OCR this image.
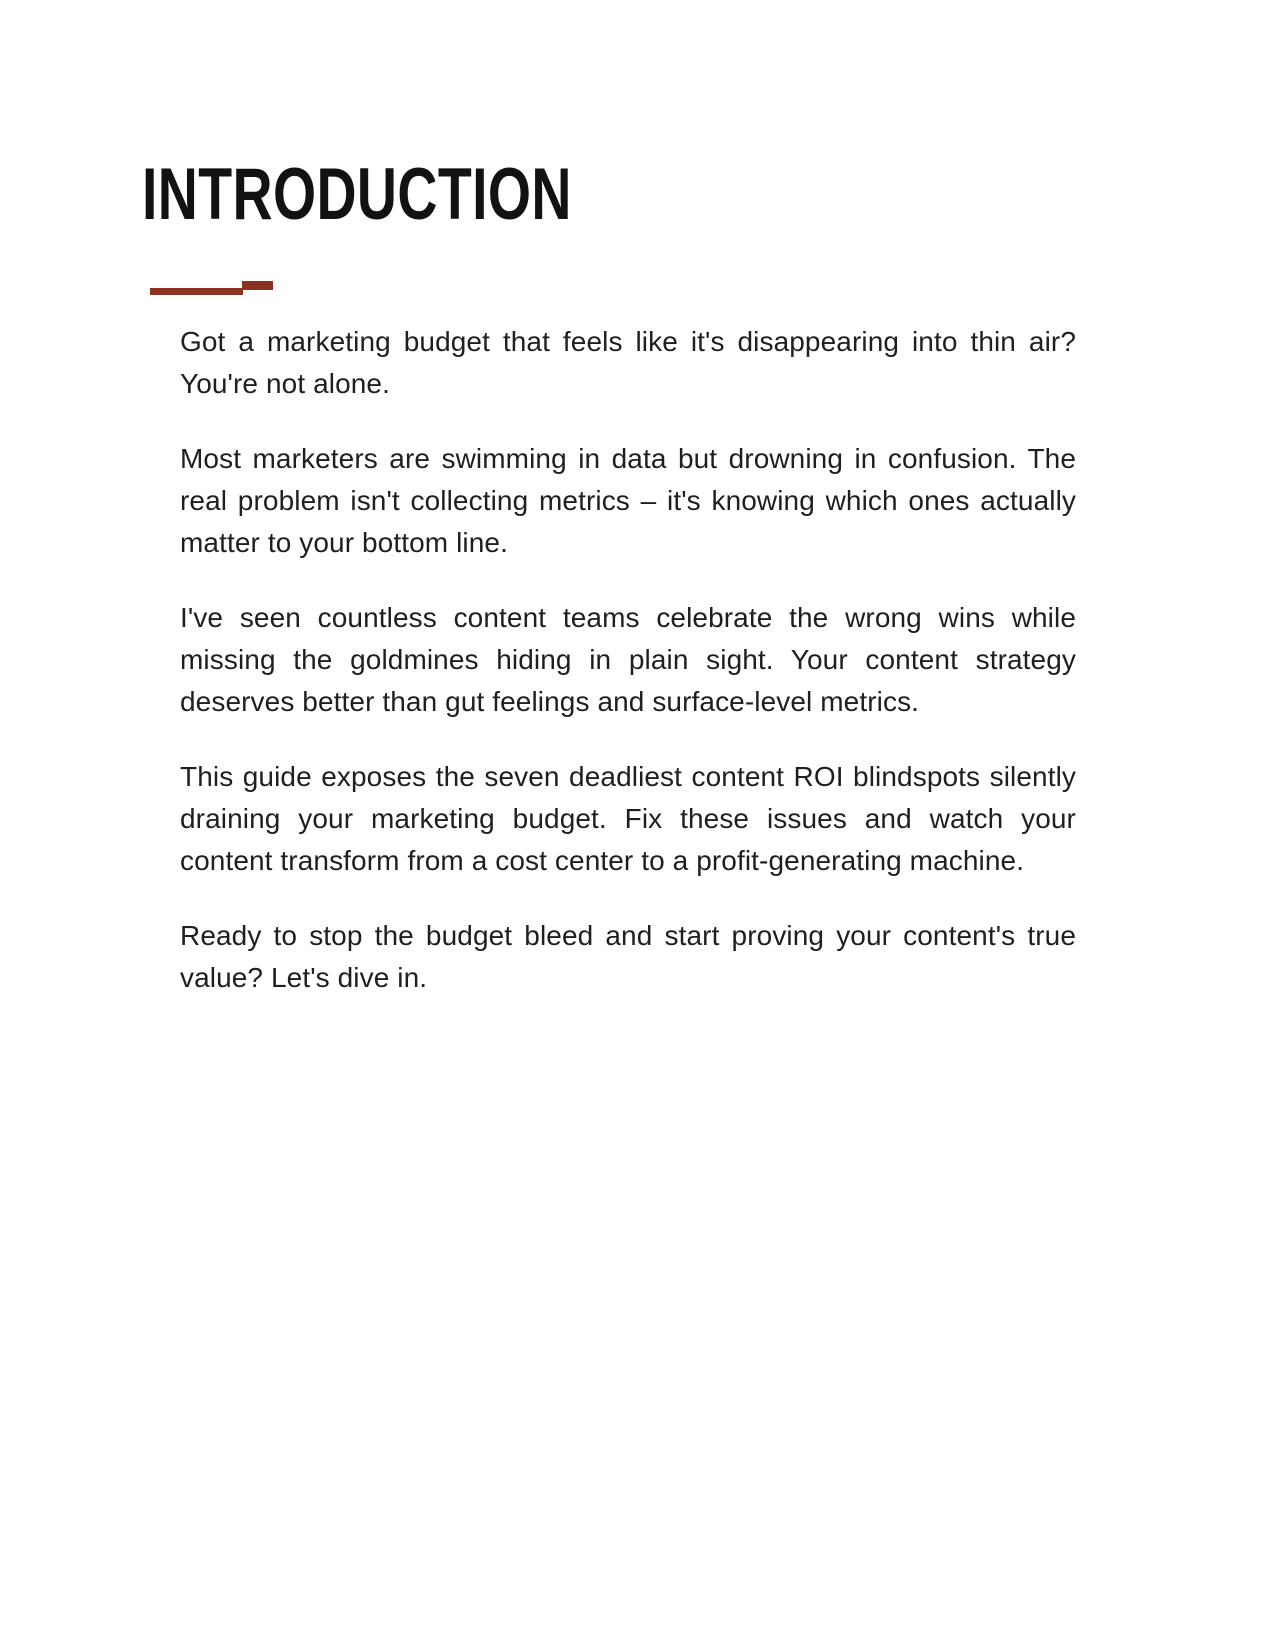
INTRODUCTION

Got a marketing budget that feels like it's disappearing into thin air? You're not alone.

Most marketers are swimming in data but drowning in confusion. The real problem isn't collecting metrics – it's knowing which ones actually matter to your bottom line.

I've seen countless content teams celebrate the wrong wins while missing the goldmines hiding in plain sight. Your content strategy deserves better than gut feelings and surface-level metrics.

This guide exposes the seven deadliest content ROI blindspots silently draining your marketing budget. Fix these issues and watch your content transform from a cost center to a profit-generating machine.

Ready to stop the budget bleed and start proving your content's true value? Let's dive in.
